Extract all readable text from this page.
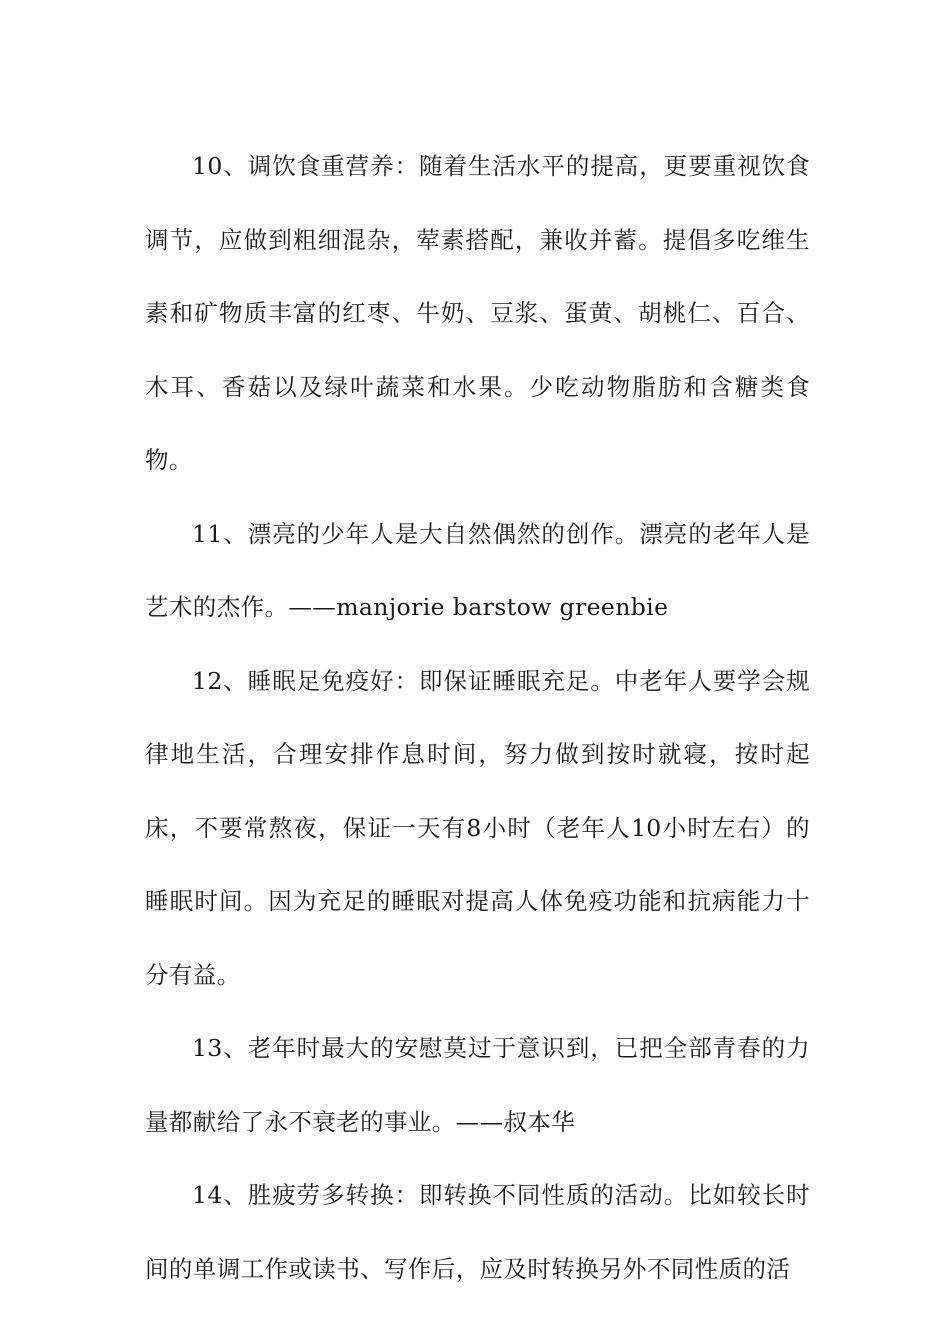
10、调饮食重营养：随着生活水平的提高，更要重视饮食调节，应做到粗细混杂，荤素搭配，兼收并蓄。提倡多吃维生素和矿物质丰富的红枣、牛奶、豆浆、蛋黄、胡桃仁、百合、木耳、香菇以及绿叶蔬菜和水果。少吃动物脂肪和含糖类食物。

11、漂亮的少年人是大自然偶然的创作。漂亮的老年人是艺术的杰作。——manjorie barstow greenbie

12、睡眠足免疫好：即保证睡眠充足。中老年人要学会规律地生活，合理安排作息时间，努力做到按时就寝，按时起床，不要常熬夜，保证一天有8小时（老年人10小时左右）的睡眠时间。因为充足的睡眠对提高人体免疫功能和抗病能力十分有益。

13、老年时最大的安慰莫过于意识到，已把全部青春的力量都献给了永不衰老的事业。——叔本华

14、胜疲劳多转换：即转换不同性质的活动。比如较长时间的单调工作或读书、写作后，应及时转换另外不同性质的活
